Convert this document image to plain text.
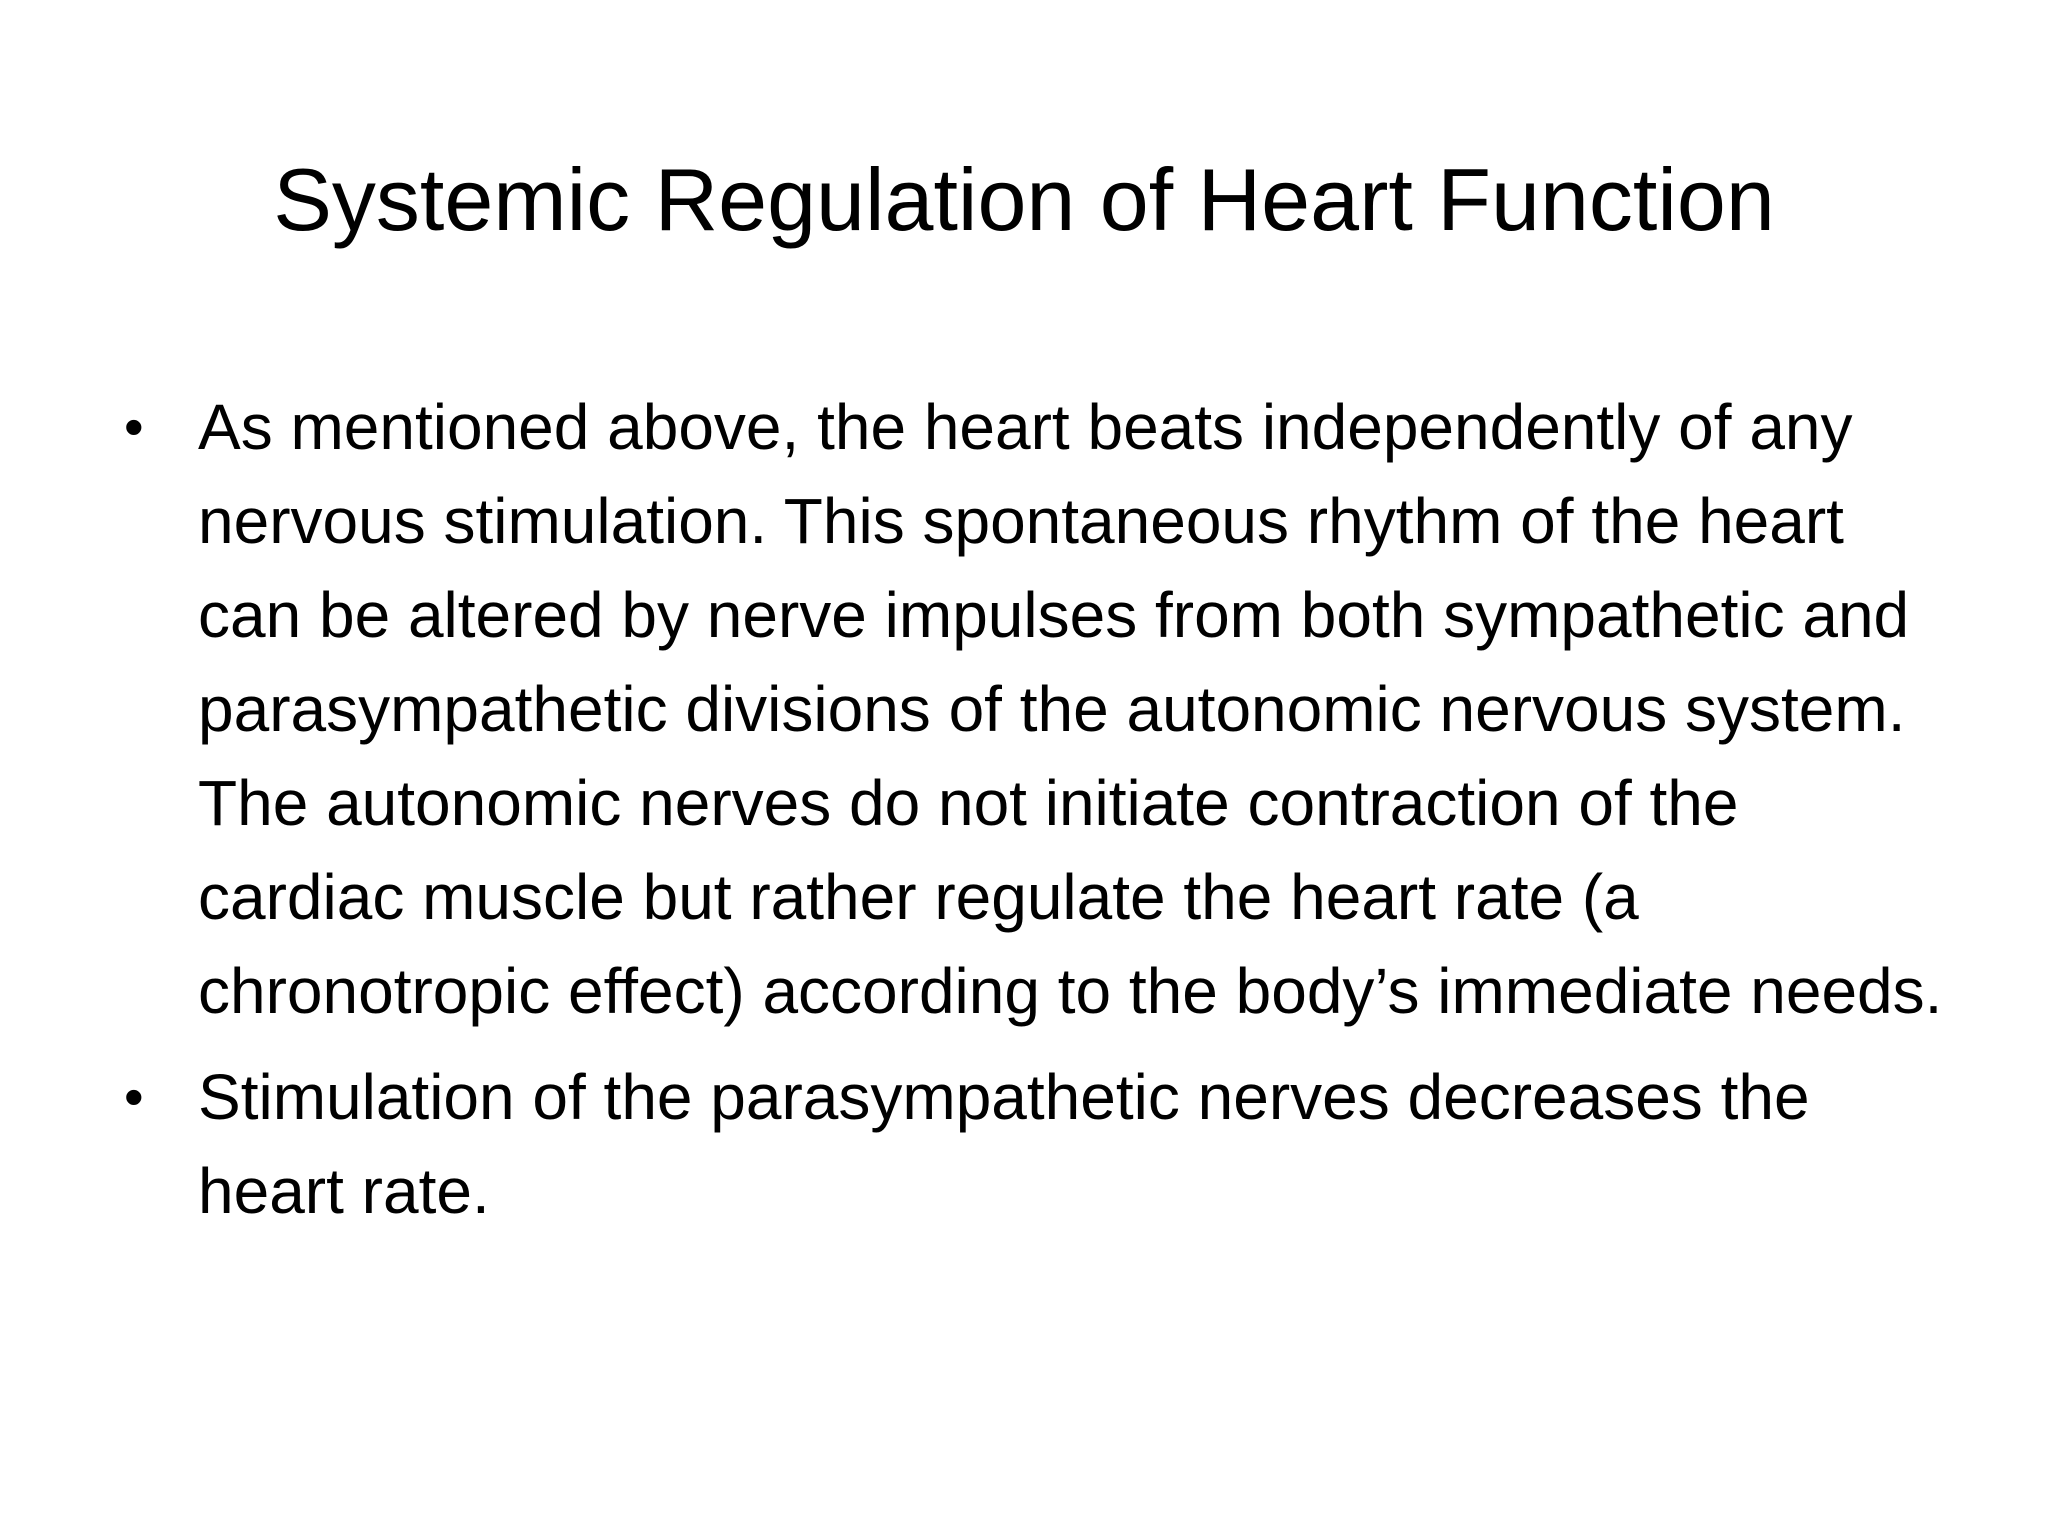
Systemic Regulation of Heart Function
• As mentioned above, the heart beats independently of any nervous stimulation. This spontaneous rhythm of the heart can be altered by nerve impulses from both sympathetic and parasympathetic divisions of the autonomic nervous system. The autonomic nerves do not initiate contraction of the cardiac muscle but rather regulate the heart rate (a chronotropic effect) according to the body’s immediate needs.
• Stimulation of the parasympathetic nerves decreases the heart rate.
